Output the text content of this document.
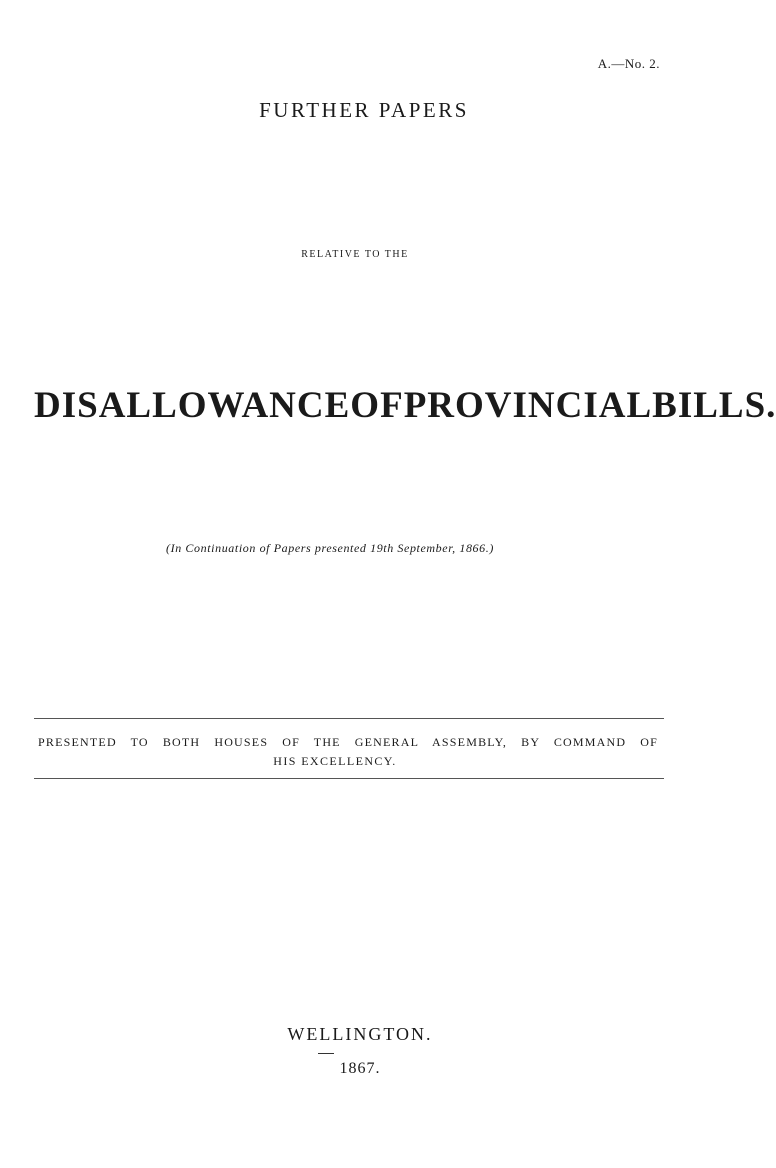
A.—No. 2.
FURTHER PAPERS
RELATIVE TO THE
DISALLOWANCE OF PROVINCIAL BILLS.
(In Continuation of Papers presented 19th September, 1866.)
PRESENTED TO BOTH HOUSES OF THE GENERAL ASSEMBLY, BY COMMAND OF
HIS EXCELLENCY.
WELLINGTON.
1867.
